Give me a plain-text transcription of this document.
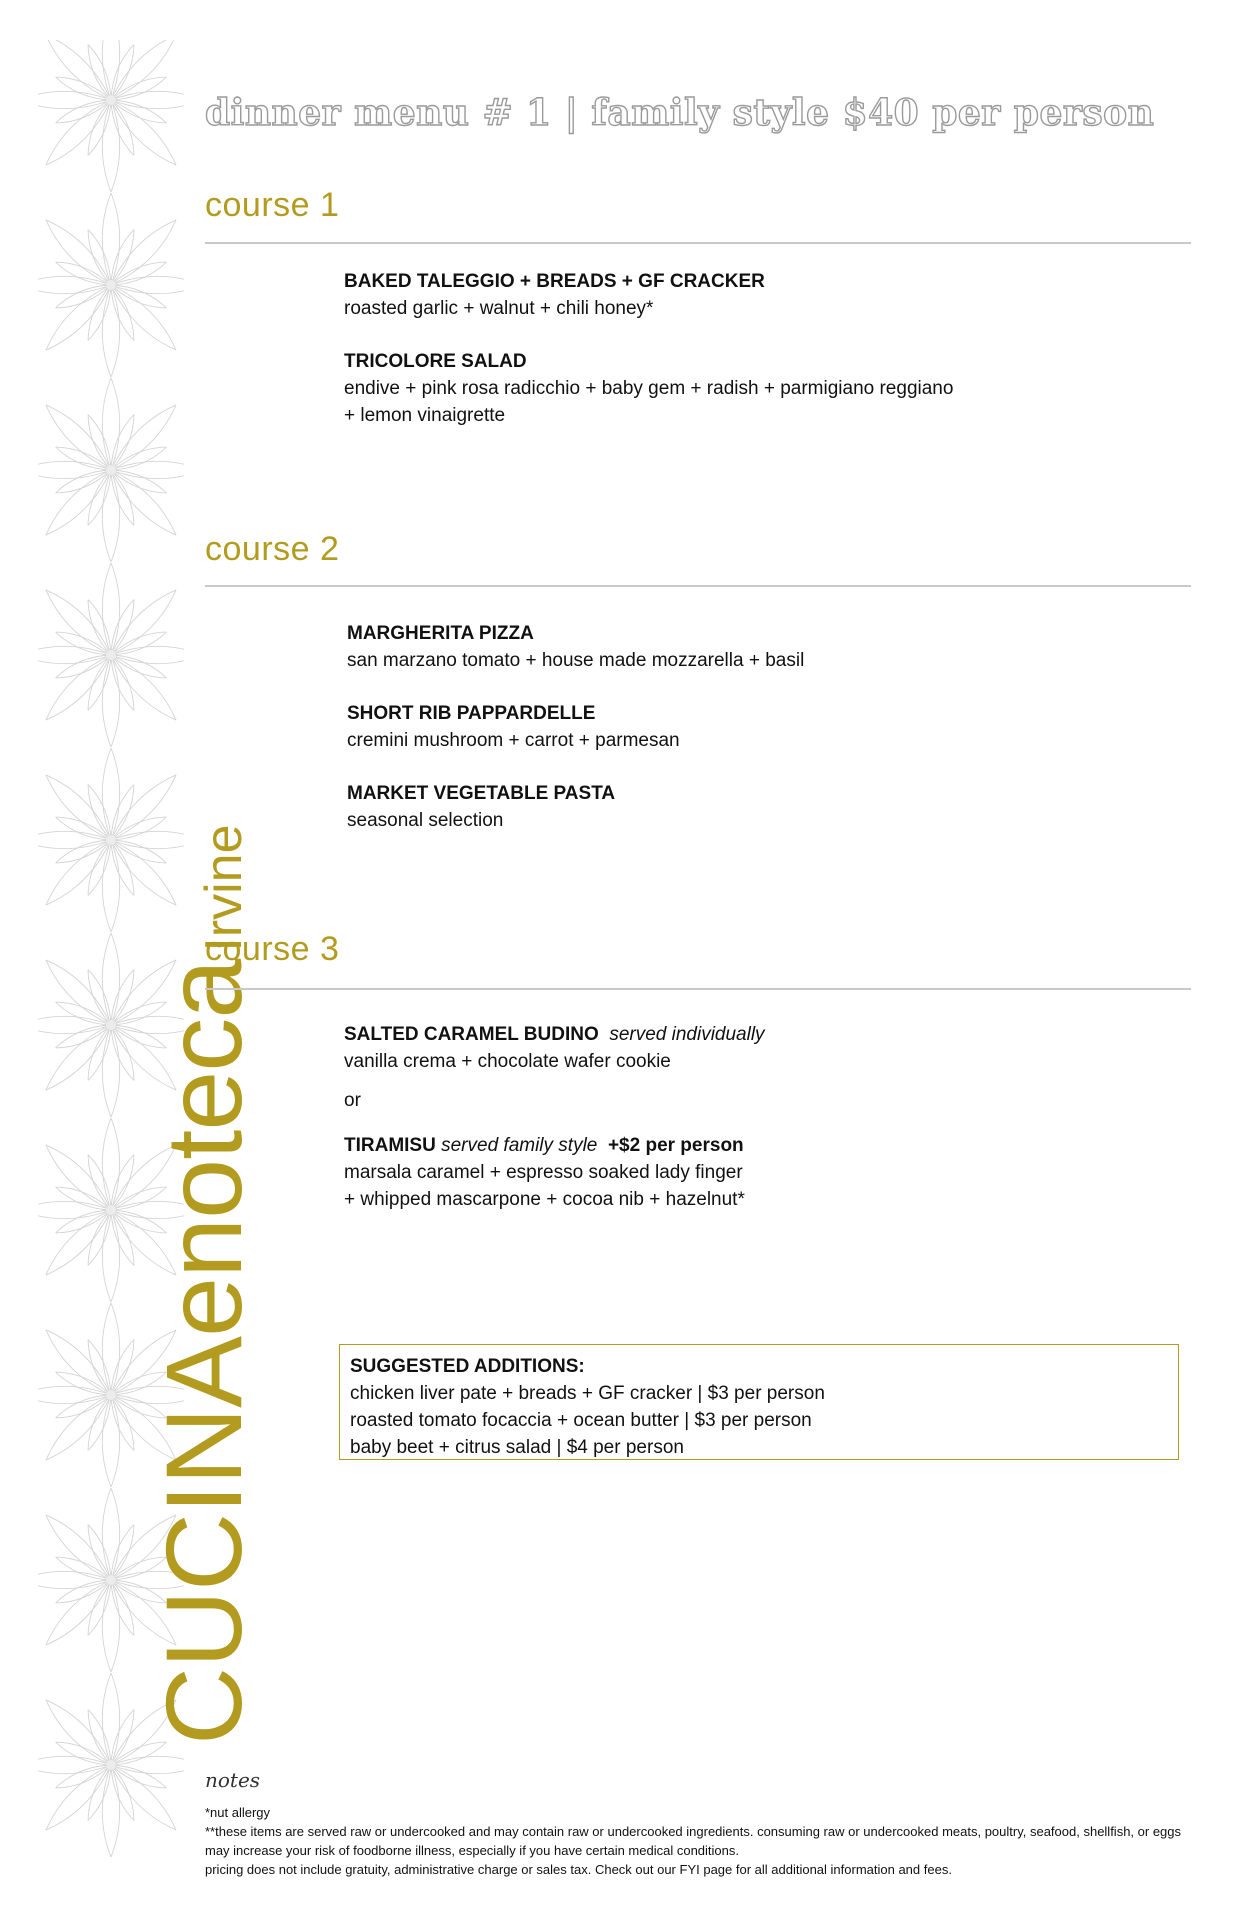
CUCINAenotecaIrvine
dinner menu # 1 | family style $40 per person
course 1
BAKED TALEGGIO + BREADS + GF CRACKER
roasted garlic + walnut + chili honey*
TRICOLORE SALAD
endive + pink rosa radicchio + baby gem + radish + parmigiano reggiano
+ lemon vinaigrette
course 2
MARGHERITA PIZZA
san marzano tomato + house made mozzarella + basil
SHORT RIB PAPPARDELLE
cremini mushroom + carrot + parmesan
MARKET VEGETABLE PASTA
seasonal selection
course 3
SALTED CARAMEL BUDINO served individually
vanilla crema + chocolate wafer cookie
or
TIRAMISU served family style +$2 per person
marsala caramel + espresso soaked lady finger
+ whipped mascarpone + cocoa nib + hazelnut*
SUGGESTED ADDITIONS:
chicken liver pate + breads + GF cracker | $3 per person
roasted tomato focaccia + ocean butter | $3 per person
baby beet + citrus salad | $4 per person
notes
*nut allergy
**these items are served raw or undercooked and may contain raw or undercooked ingredients. consuming raw or undercooked meats, poultry, seafood, shellfish, or eggs may increase your risk of foodborne illness, especially if you have certain medical conditions.
pricing does not include gratuity, administrative charge or sales tax. Check out our FYI page for all additional information and fees.
